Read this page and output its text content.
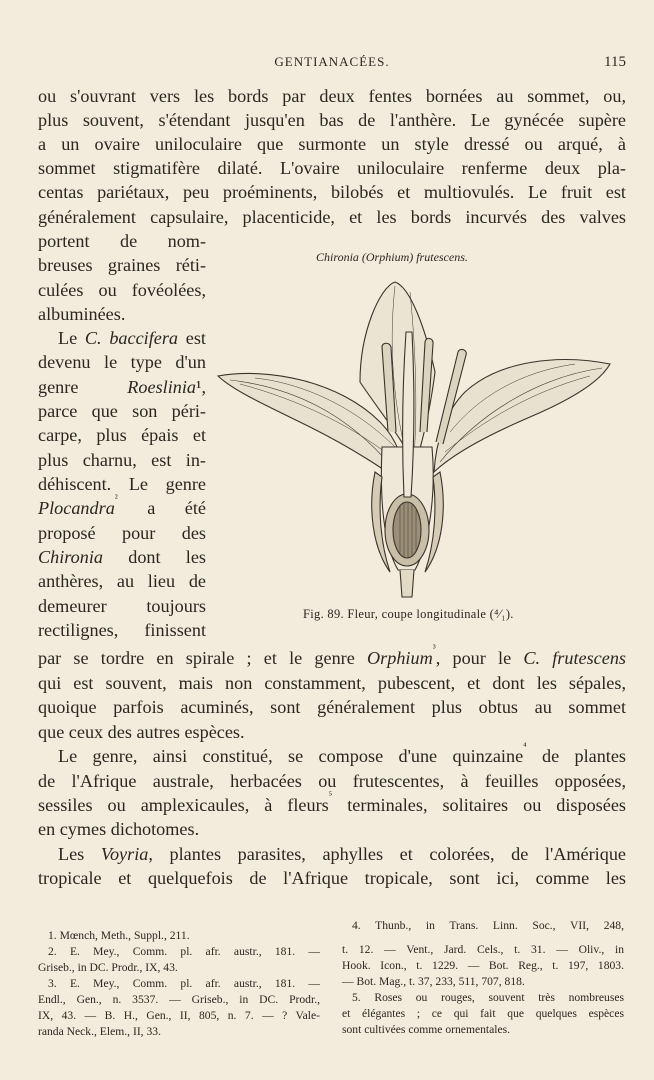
GENTIANACÉES.	115
ou s'ouvrant vers les bords par deux fentes bornées au sommet, ou,
plus souvent, s'étendant jusqu'en bas de l'anthère. Le gynécée supère
a un ovaire uniloculaire que surmonte un style dressé ou arqué, à
sommet stigmatifère dilaté. L'ovaire uniloculaire renferme deux pla-
centas pariétaux, peu proéminents, bilobés et multiovulés. Le fruit est
généralement capsulaire, placenticide, et les bords incurvés des valves
portent de nom-
breuses graines réti-
culées ou fovéolées,
albuminées.
Le C. baccifera est
devenu le type d'un
genre Roeslinia¹,
parce que son péri-
carpe, plus épais et
plus charnu, est in-
déhiscent. Le genre
Plocandra$^{^2}$ a été
proposé pour des
Chironia dont les
anthères, au lieu de
demeurer toujours
rectilignes, finissent
Chironia (Orphium) frutescens.
Fig. 89. Fleur, coupe longitudinale (⁴⁄₁).
par se tordre en spirale ; et le genre Orphium$^{^3}$, pour le C. frutescens
qui est souvent, mais non constamment, pubescent, et dont les sépales,
quoique parfois acuminés, sont généralement plus obtus au sommet
que ceux des autres espèces.
Le genre, ainsi constitué, se compose d'une quinzaine$^{^4}$ de plantes
de l'Afrique australe, herbacées ou frutescentes, à feuilles opposées,
sessiles ou amplexicaules, à fleurs$^{^5}$ terminales, solitaires ou disposées
en cymes dichotomes.
Les Voyria, plantes parasites, aphylles et colorées, de l'Amérique
tropicale et quelquefois de l'Afrique tropicale, sont ici, comme les
1. Mœnch, Meth., Suppl., 211.
2. E. Mey., Comm. pl. afr. austr., 181. —
Griseb., in DC. Prodr., IX, 43.
3. E. Mey., Comm. pl. afr. austr., 181. —
Endl., Gen., n. 3537. — Griseb., in DC. Prodr.,
IX, 43. — B. H., Gen., II, 805, n. 7. — ? Vale-
randa Neck., Elem., II, 33.
4. Thunb., in Trans. Linn. Soc., VII, 248,
t. 12. — Vent., Jard. Cels., t. 31. — Oliv., in
Hook. Icon., t. 1229. — Bot. Reg., t. 197, 1803.
— Bot. Mag., t. 37, 233, 511, 707, 818.
5. Roses ou rouges, souvent très nombreuses
et élégantes ; ce qui fait que quelques espèces
sont cultivées comme ornementales.
